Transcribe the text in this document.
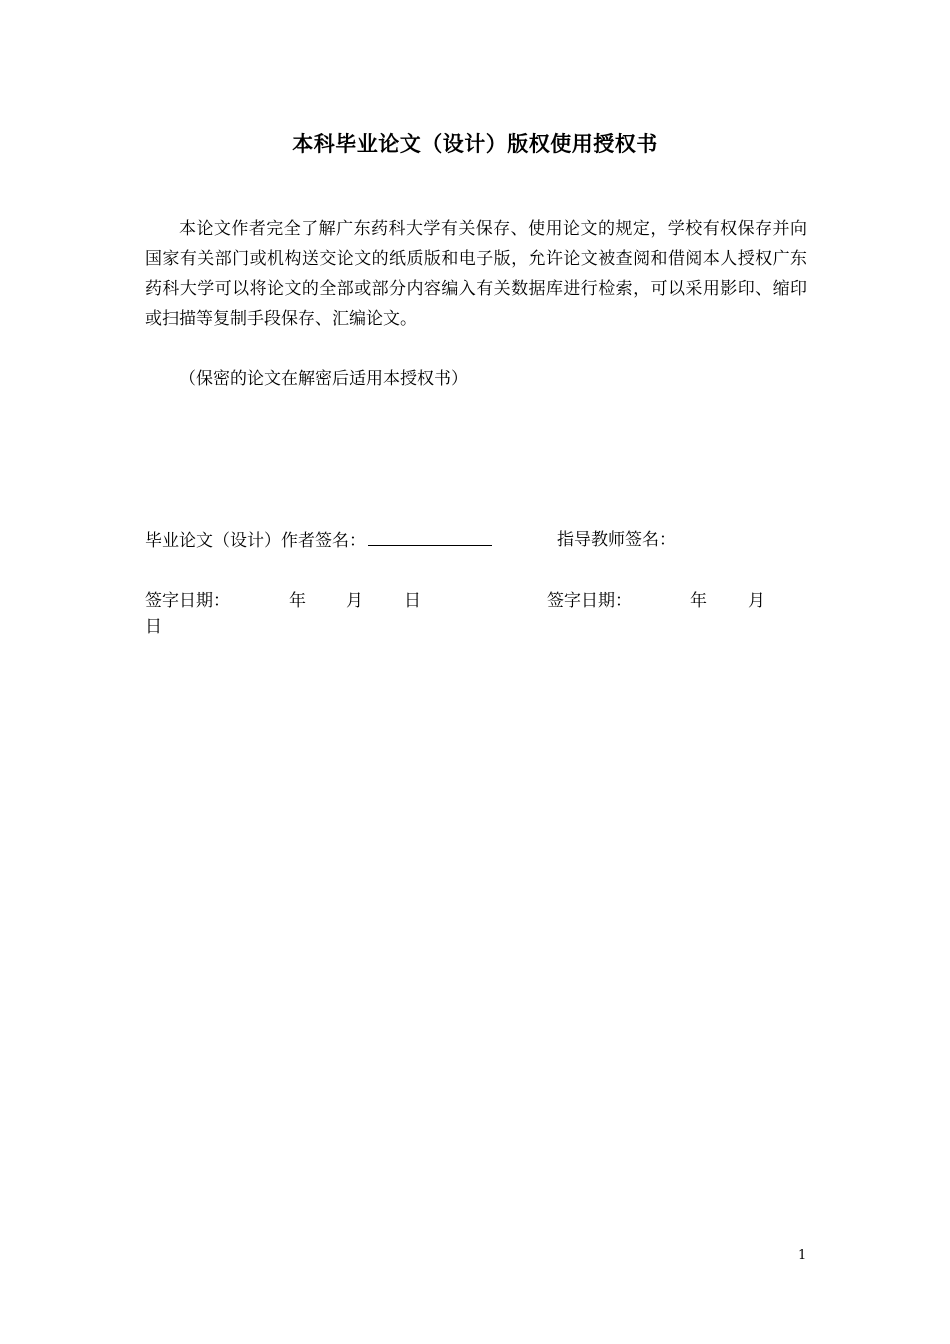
本科毕业论文（设计）版权使用授权书
本论文作者完全了解广东药科大学有关保存、使用论文的规定，学校有权保存并向国家有关部门或机构送交论文的纸质版和电子版，允许论文被查阅和借阅本人授权广东药科大学可以将论文的全部或部分内容编入有关数据库进行检索，可以采用影印、缩印或扫描等复制手段保存、汇编论文。
（保密的论文在解密后适用本授权书）
毕业论文（设计）作者签名：	指导教师签名：
签字日期：	年 月 日	签字日期：	年 月
日
1
